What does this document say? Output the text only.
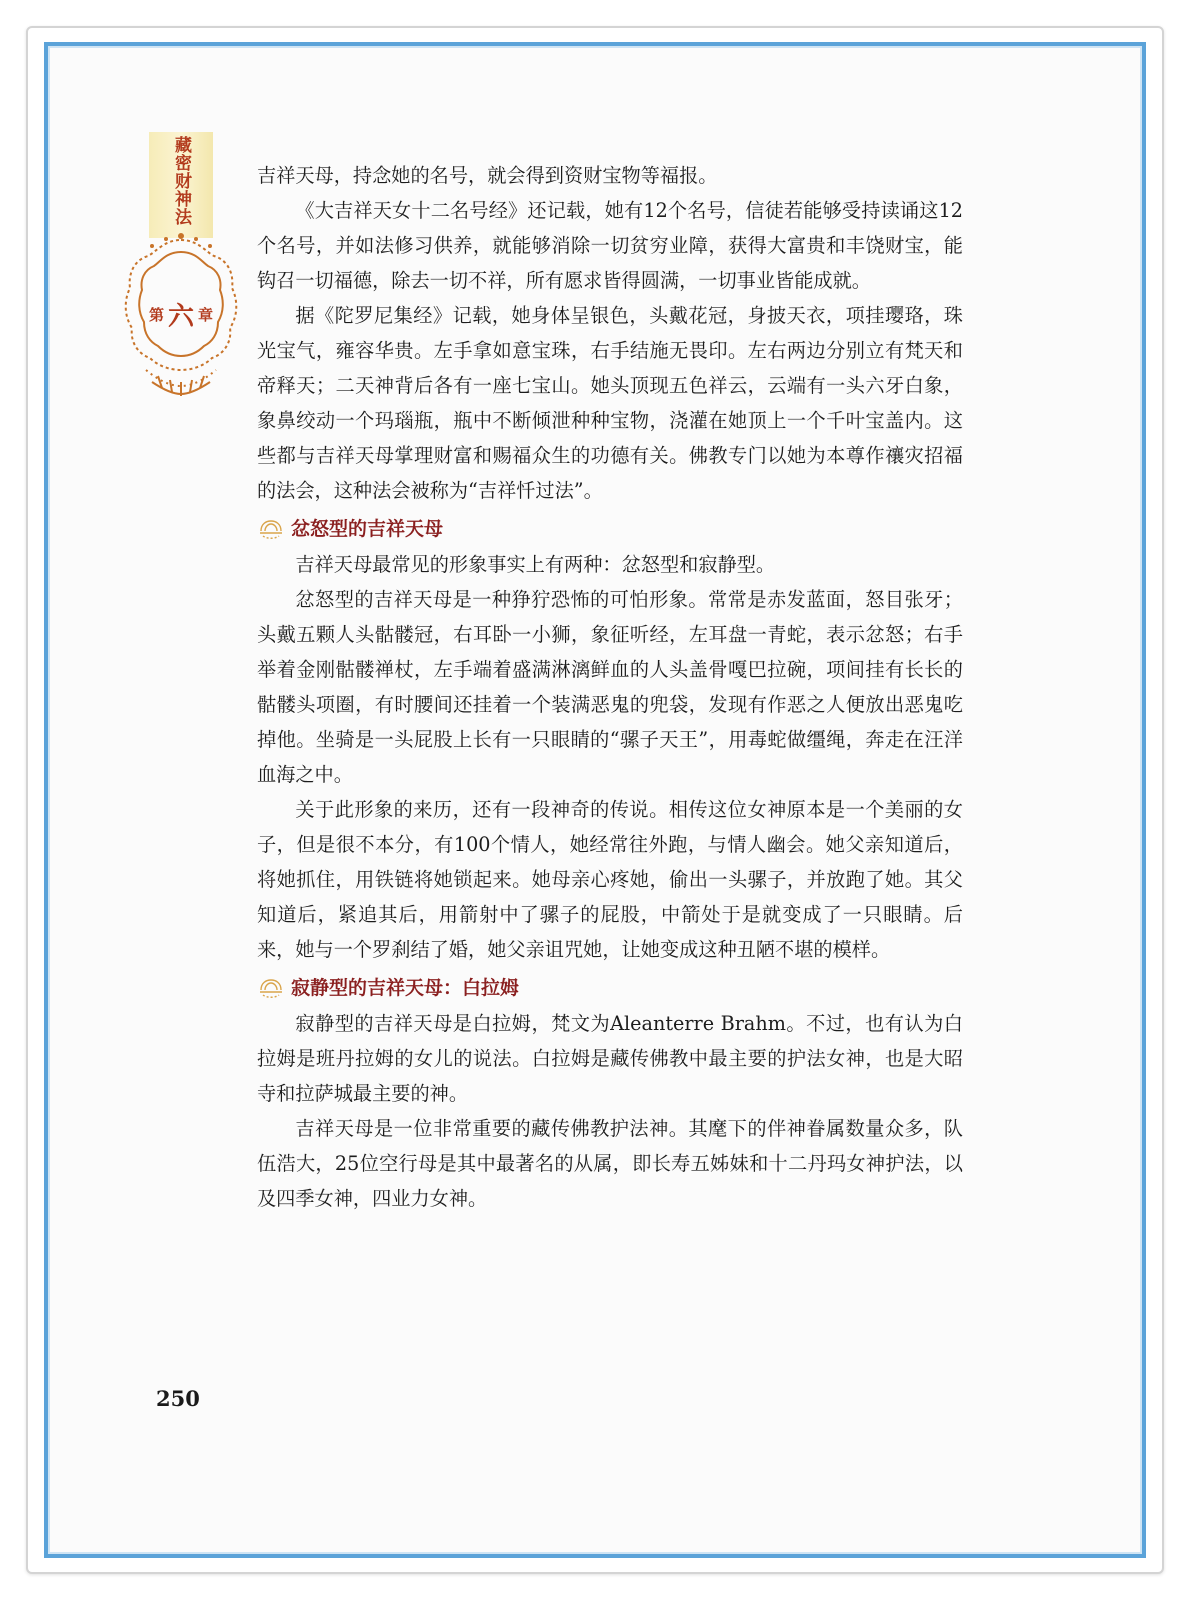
藏密财神法
第 六 章

吉祥天母，持念她的名号，就会得到资财宝物等福报。

《大吉祥天女十二名号经》还记载，她有12个名号，信徒若能够受持读诵这12个名号，并如法修习供养，就能够消除一切贫穷业障，获得大富贵和丰饶财宝，能钩召一切福德，除去一切不祥，所有愿求皆得圆满，一切事业皆能成就。

据《陀罗尼集经》记载，她身体呈银色，头戴花冠，身披天衣，项挂璎珞，珠光宝气，雍容华贵。左手拿如意宝珠，右手结施无畏印。左右两边分别立有梵天和帝释天；二天神背后各有一座七宝山。她头顶现五色祥云，云端有一头六牙白象，象鼻绞动一个玛瑙瓶，瓶中不断倾泄种种宝物，浇灌在她顶上一个千叶宝盖内。这些都与吉祥天母掌理财富和赐福众生的功德有关。佛教专门以她为本尊作禳灾招福的法会，这种法会被称为“吉祥忏过法”。

忿怒型的吉祥天母

吉祥天母最常见的形象事实上有两种：忿怒型和寂静型。

忿怒型的吉祥天母是一种狰狞恐怖的可怕形象。常常是赤发蓝面，怒目张牙；头戴五颗人头骷髅冠，右耳卧一小狮，象征听经，左耳盘一青蛇，表示忿怒；右手举着金刚骷髅禅杖，左手端着盛满淋漓鲜血的人头盖骨嘎巴拉碗，项间挂有长长的骷髅头项圈，有时腰间还挂着一个装满恶鬼的兜袋，发现有作恶之人便放出恶鬼吃掉他。坐骑是一头屁股上长有一只眼睛的“骡子天王”，用毒蛇做缰绳，奔走在汪洋血海之中。

关于此形象的来历，还有一段神奇的传说。相传这位女神原本是一个美丽的女子，但是很不本分，有100个情人，她经常往外跑，与情人幽会。她父亲知道后，将她抓住，用铁链将她锁起来。她母亲心疼她，偷出一头骡子，并放跑了她。其父知道后，紧追其后，用箭射中了骡子的屁股，中箭处于是就变成了一只眼睛。后来，她与一个罗刹结了婚，她父亲诅咒她，让她变成这种丑陋不堪的模样。

寂静型的吉祥天母：白拉姆

寂静型的吉祥天母是白拉姆，梵文为Aleanterre Brahm。不过，也有认为白拉姆是班丹拉姆的女儿的说法。白拉姆是藏传佛教中最主要的护法女神，也是大昭寺和拉萨城最主要的神。

吉祥天母是一位非常重要的藏传佛教护法神。其麾下的伴神眷属数量众多，队伍浩大，25位空行母是其中最著名的从属，即长寿五姊妹和十二丹玛女神护法，以及四季女神，四业力女神。

250
